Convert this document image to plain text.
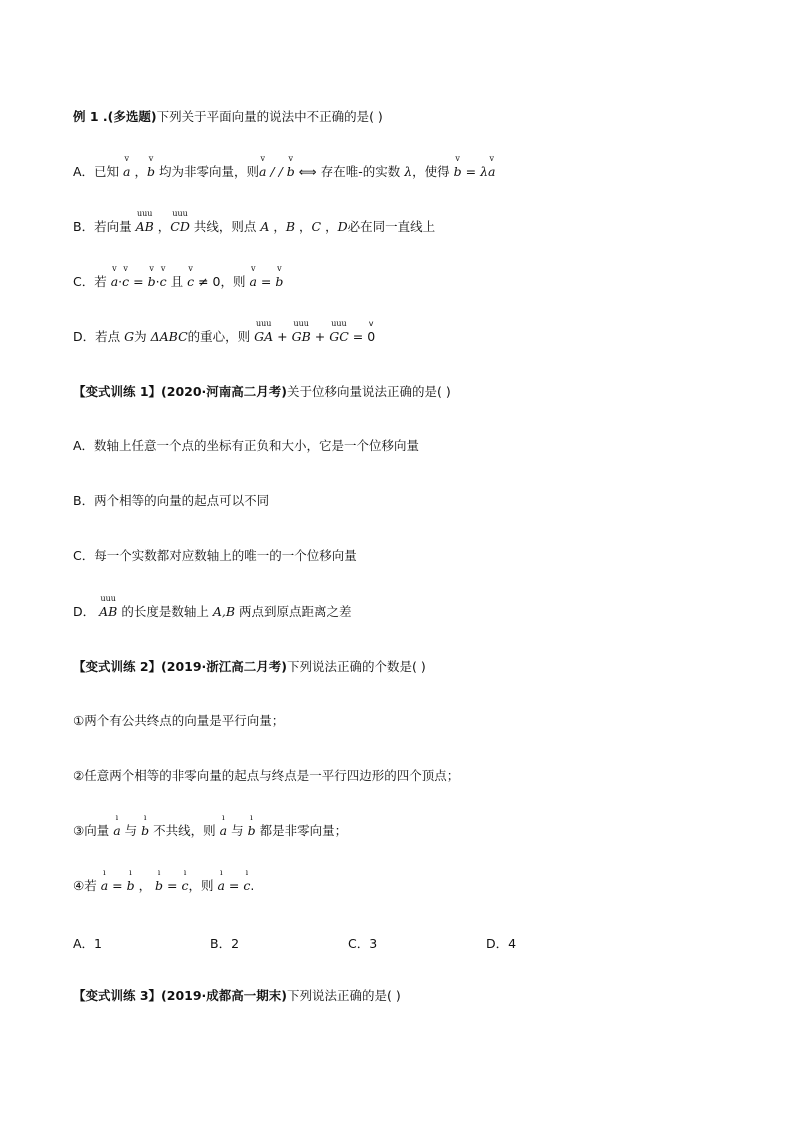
例 1 .(多选题)下列关于平面向量的说法中不正确的是( )
A．已知
v
a ，
v
b 均为非零向量，则
v
a / /
v
b ⟺ 存在唯-的实数 λ，使得
v
b = λ
v
a
B．若向量
uuu
AB ，
uuu
CD 共线，则点 A ，B ，C ，D必在同一直线上
C．若
v
a·
v
c =
v
b·
v
c 且
v
c ≠ 0，则
v
a =
v
b
D．若点 G为 ΔABC的重心，则
uuu
GA +
uuu
GB +
uuu
GC =
v
0
【变式训练 1】(2020·河南高二月考)关于位移向量说法正确的是( )
A．数轴上任意一个点的坐标有正负和大小，它是一个位移向量
B．两个相等的向量的起点可以不同
C．每一个实数都对应数轴上的唯一的一个位移向量
D．
uuu
AB 的长度是数轴上 A,B 两点到原点距离之差
【变式训练 2】(2019·浙江高二月考)下列说法正确的个数是( )
①两个有公共终点的向量是平行向量；
②任意两个相等的非零向量的起点与终点是一平行四边形的四个顶点；
③向量
ı
a 与
ı
b 不共线，则
ı
a 与
ı
b 都是非零向量；
④若
ı
a =
ı
b ，
ı
b =
ı
c，则
ı
a =
ı
c.
A．1	B．2	C．3	D．4
【变式训练 3】(2019·成都高一期末)下列说法正确的是( )
